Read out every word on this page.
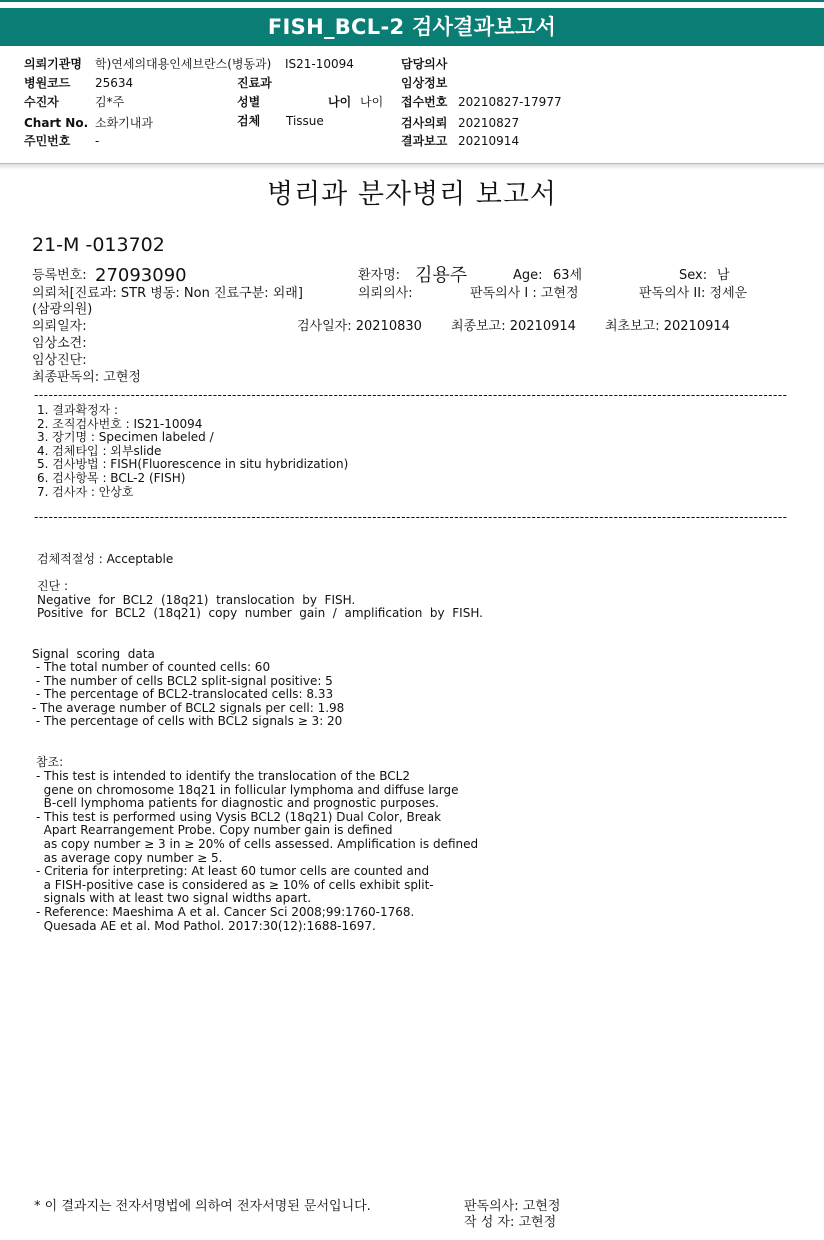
FISH_BCL-2 검사결과보고서
의뢰기관명 학)연세의대용인세브란스(병동과) IS21-10094	담당의사
병원코드 25634	진료과	임상정보
수진자	김*주	성별	나이 나이 접수번호 20210827-17977
Chart No. 소화기내과	검체 Tissue	검사의뢰 20210827
주민번호 -	결과보고 20210914
병리과 분자병리 보고서
21-M -013702
등록번호: 27093090	환자명: 김용주	Age: 63세	Sex: 남
의뢰처[진료과: STR 병동: Non 진료구분: 외래]	의뢰의사:	판독의사 I : 고현정	판독의사 II: 정세운
(삼광의원)
의뢰일자:	검사일자: 20210830 최종보고: 20210914 최초보고: 20210914
임상소견:
임상진단:
최종판독의: 고현정
------------------------------------------------------------------------------------------------------------------------------------------------------------
1. 결과확정자 :
2. 조직검사번호 : IS21-10094
3. 장기명 : Specimen labeled /
4. 검체타입 : 외부slide
5. 검사방법 : FISH(Fluorescence in situ hybridization)
6. 검사항목 : BCL-2 (FISH)
7. 검사자 : 안상호
------------------------------------------------------------------------------------------------------------------------------------------------------------
검체적절성 : Acceptable
진단 :
Negative  for  BCL2  (18q21)  translocation  by  FISH.
Positive  for  BCL2  (18q21)  copy  number  gain  /  amplification  by  FISH.
Signal  scoring  data
- The total number of counted cells: 60
- The number of cells BCL2 split-signal positive: 5
- The percentage of BCL2-translocated cells: 8.33
- The average number of BCL2 signals per cell: 1.98
- The percentage of cells with BCL2 signals ≥ 3: 20
참조:
- This test is intended to identify the translocation of the BCL2
gene on chromosome 18q21 in follicular lymphoma and diffuse large
B-cell lymphoma patients for diagnostic and prognostic purposes.
- This test is performed using Vysis BCL2 (18q21) Dual Color, Break
Apart Rearrangement Probe. Copy number gain is defined
as copy number ≥ 3 in ≥ 20% of cells assessed. Amplification is defined
as average copy number ≥ 5.
- Criteria for interpreting: At least 60 tumor cells are counted and
a FISH-positive case is considered as ≥ 10% of cells exhibit split-
signals with at least two signal widths apart.
- Reference: Maeshima A et al. Cancer Sci 2008;99:1760-1768.
Quesada AE et al. Mod Pathol. 2017:30(12):1688-1697.
* 이 결과지는 전자서명법에 의하여 전자서명된 문서입니다.	판독의사: 고현정
작 성 자: 고현정
